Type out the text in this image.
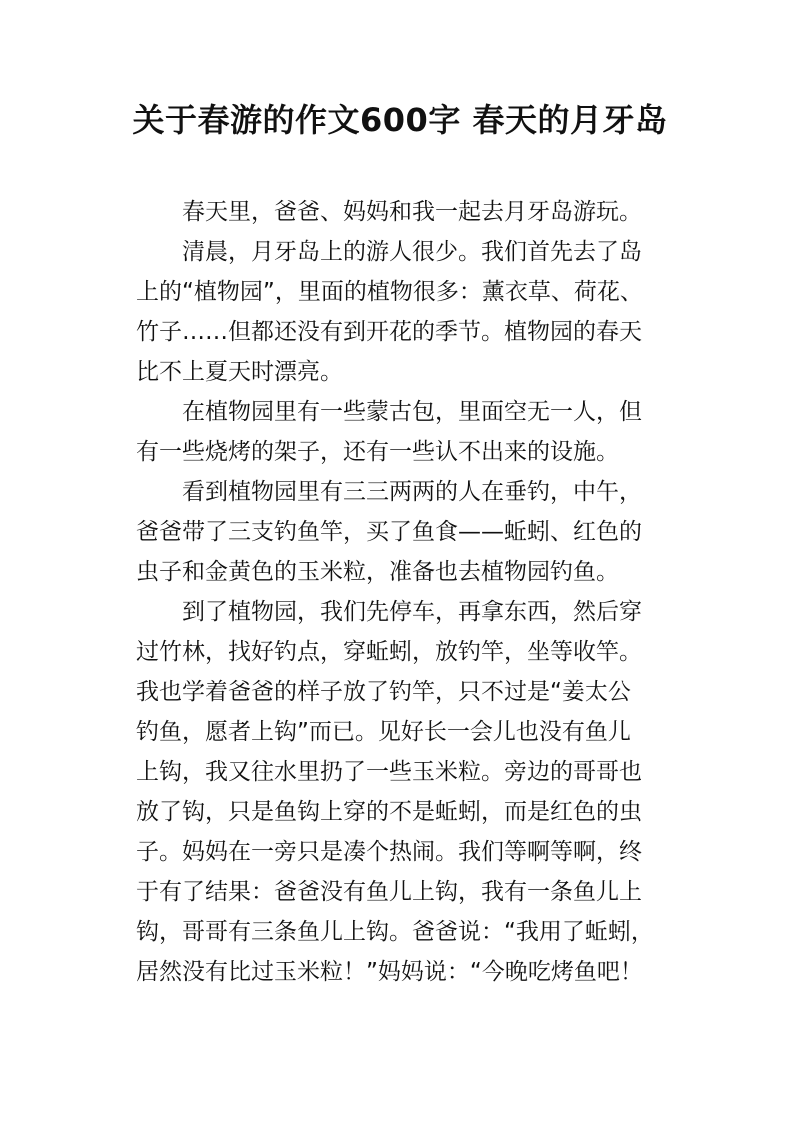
关于春游的作文600字 春天的月牙岛
春天里，爸爸、妈妈和我一起去月牙岛游玩。
清晨，月牙岛上的游人很少。我们首先去了岛
上的“植物园”，里面的植物很多：薰衣草、荷花、
竹子……但都还没有到开花的季节。植物园的春天
比不上夏天时漂亮。
在植物园里有一些蒙古包，里面空无一人，但
有一些烧烤的架子，还有一些认不出来的设施。
看到植物园里有三三两两的人在垂钓，中午，
爸爸带了三支钓鱼竿，买了鱼食——蚯蚓、红色的
虫子和金黄色的玉米粒，准备也去植物园钓鱼。
到了植物园，我们先停车，再拿东西，然后穿
过竹林，找好钓点，穿蚯蚓，放钓竿，坐等收竿。
我也学着爸爸的样子放了钓竿，只不过是“姜太公
钓鱼，愿者上钩”而已。见好长一会儿也没有鱼儿
上钩，我又往水里扔了一些玉米粒。旁边的哥哥也
放了钩，只是鱼钩上穿的不是蚯蚓，而是红色的虫
子。妈妈在一旁只是凑个热闹。我们等啊等啊，终
于有了结果：爸爸没有鱼儿上钩，我有一条鱼儿上
钩，哥哥有三条鱼儿上钩。爸爸说：“我用了蚯蚓，
居然没有比过玉米粒！”妈妈说：“今晚吃烤鱼吧！
